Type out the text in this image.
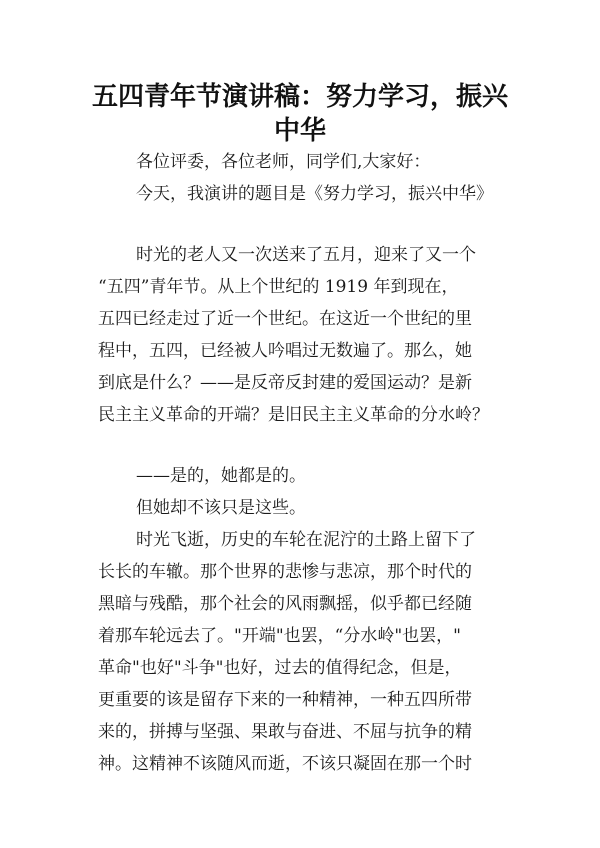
五四青年节演讲稿：努力学习，振兴
中华
各位评委，各位老师，同学们,大家好：
今天，我演讲的题目是《努力学习，振兴中华》
时光的老人又一次送来了五月，迎来了又一个
“五四”青年节。从上个世纪的 1919 年到现在，
五四已经走过了近一个世纪。在这近一个世纪的里
程中，五四，已经被人吟唱过无数遍了。那么，她
到底是什么？——是反帝反封建的爱国运动？是新
民主主义革命的开端？是旧民主主义革命的分水岭？
——是的，她都是的。
但她却不该只是这些。
时光飞逝，历史的车轮在泥泞的土路上留下了
长长的车辙。那个世界的悲惨与悲凉，那个时代的
黑暗与残酷，那个社会的风雨飘摇，似乎都已经随
着那车轮远去了。"开端"也罢，“分水岭"也罢，"
革命"也好"斗争"也好，过去的值得纪念，但是，
更重要的该是留存下来的一种精神，一种五四所带
来的，拼搏与坚强、果敢与奋进、不屈与抗争的精
神。这精神不该随风而逝，不该只凝固在那一个时
